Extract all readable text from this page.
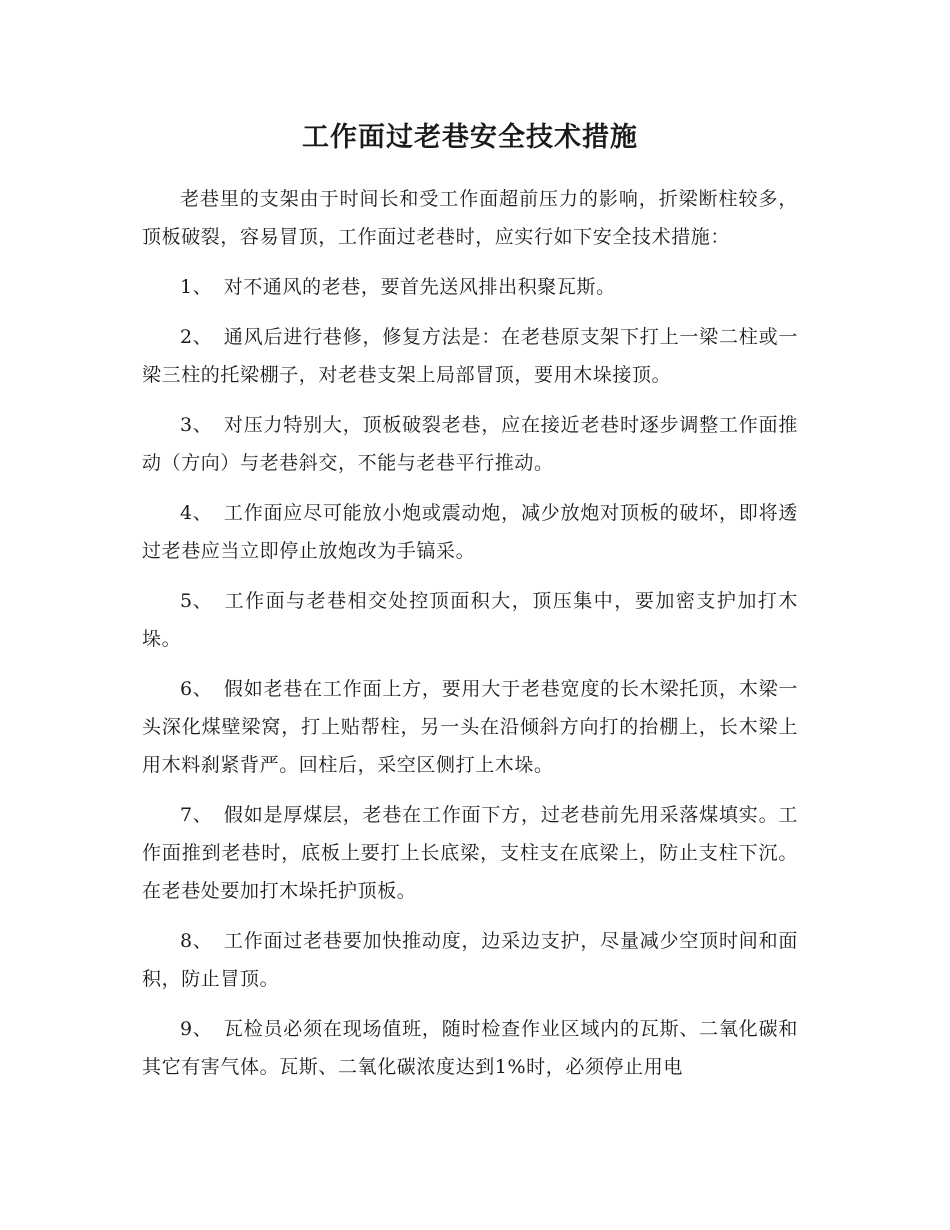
工作面过老巷安全技术措施

老巷里的支架由于时间长和受工作面超前压力的影响，折梁断柱较多，顶板破裂，容易冒顶，工作面过老巷时，应实行如下安全技术措施：

1、 对不通风的老巷，要首先送风排出积聚瓦斯。

2、 通风后进行巷修，修复方法是：在老巷原支架下打上一梁二柱或一梁三柱的托梁棚子，对老巷支架上局部冒顶，要用木垛接顶。

3、 对压力特别大，顶板破裂老巷，应在接近老巷时逐步调整工作面推动（方向）与老巷斜交，不能与老巷平行推动。

4、 工作面应尽可能放小炮或震动炮，减少放炮对顶板的破坏，即将透过老巷应当立即停止放炮改为手镐采。

5、 工作面与老巷相交处控顶面积大，顶压集中，要加密支护加打木垛。

6、 假如老巷在工作面上方，要用大于老巷宽度的长木梁托顶，木梁一头深化煤壁梁窝，打上贴帮柱，另一头在沿倾斜方向打的抬棚上，长木梁上用木料刹紧背严。回柱后，采空区侧打上木垛。

7、 假如是厚煤层，老巷在工作面下方，过老巷前先用采落煤填实。工作面推到老巷时，底板上要打上长底梁，支柱支在底梁上，防止支柱下沉。在老巷处要加打木垛托护顶板。

8、 工作面过老巷要加快推动度，边采边支护，尽量减少空顶时间和面积，防止冒顶。

9、 瓦检员必须在现场值班，随时检查作业区域内的瓦斯、二氧化碳和其它有害气体。瓦斯、二氧化碳浓度达到1%时，必须停止用电
